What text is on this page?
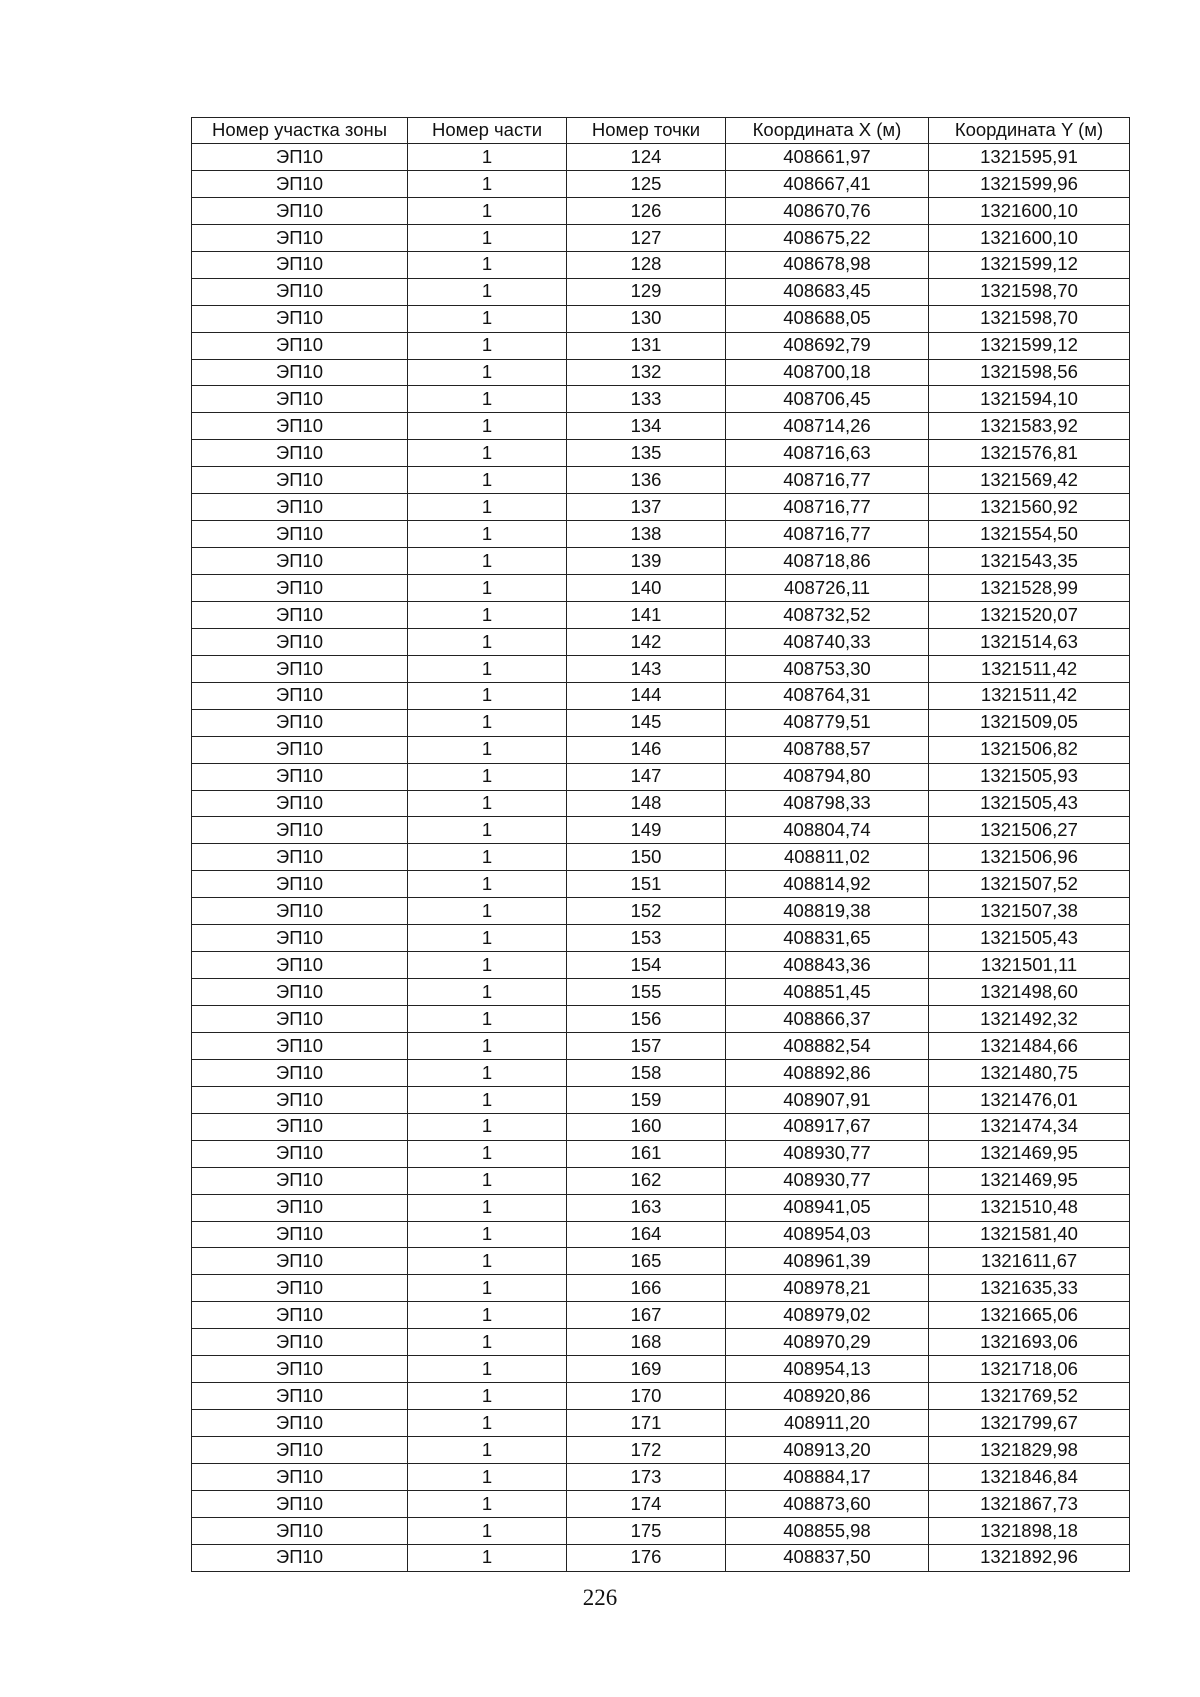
Номер участка зоны	Номер части	Номер точки	Координата X (м)	Координата Y (м)
ЭП10	1	124	408661,97	1321595,91
ЭП10	1	125	408667,41	1321599,96
ЭП10	1	126	408670,76	1321600,10
ЭП10	1	127	408675,22	1321600,10
ЭП10	1	128	408678,98	1321599,12
ЭП10	1	129	408683,45	1321598,70
ЭП10	1	130	408688,05	1321598,70
ЭП10	1	131	408692,79	1321599,12
ЭП10	1	132	408700,18	1321598,56
ЭП10	1	133	408706,45	1321594,10
ЭП10	1	134	408714,26	1321583,92
ЭП10	1	135	408716,63	1321576,81
ЭП10	1	136	408716,77	1321569,42
ЭП10	1	137	408716,77	1321560,92
ЭП10	1	138	408716,77	1321554,50
ЭП10	1	139	408718,86	1321543,35
ЭП10	1	140	408726,11	1321528,99
ЭП10	1	141	408732,52	1321520,07
ЭП10	1	142	408740,33	1321514,63
ЭП10	1	143	408753,30	1321511,42
ЭП10	1	144	408764,31	1321511,42
ЭП10	1	145	408779,51	1321509,05
ЭП10	1	146	408788,57	1321506,82
ЭП10	1	147	408794,80	1321505,93
ЭП10	1	148	408798,33	1321505,43
ЭП10	1	149	408804,74	1321506,27
ЭП10	1	150	408811,02	1321506,96
ЭП10	1	151	408814,92	1321507,52
ЭП10	1	152	408819,38	1321507,38
ЭП10	1	153	408831,65	1321505,43
ЭП10	1	154	408843,36	1321501,11
ЭП10	1	155	408851,45	1321498,60
ЭП10	1	156	408866,37	1321492,32
ЭП10	1	157	408882,54	1321484,66
ЭП10	1	158	408892,86	1321480,75
ЭП10	1	159	408907,91	1321476,01
ЭП10	1	160	408917,67	1321474,34
ЭП10	1	161	408930,77	1321469,95
ЭП10	1	162	408930,77	1321469,95
ЭП10	1	163	408941,05	1321510,48
ЭП10	1	164	408954,03	1321581,40
ЭП10	1	165	408961,39	1321611,67
ЭП10	1	166	408978,21	1321635,33
ЭП10	1	167	408979,02	1321665,06
ЭП10	1	168	408970,29	1321693,06
ЭП10	1	169	408954,13	1321718,06
ЭП10	1	170	408920,86	1321769,52
ЭП10	1	171	408911,20	1321799,67
ЭП10	1	172	408913,20	1321829,98
ЭП10	1	173	408884,17	1321846,84
ЭП10	1	174	408873,60	1321867,73
ЭП10	1	175	408855,98	1321898,18
ЭП10	1	176	408837,50	1321892,96
226
